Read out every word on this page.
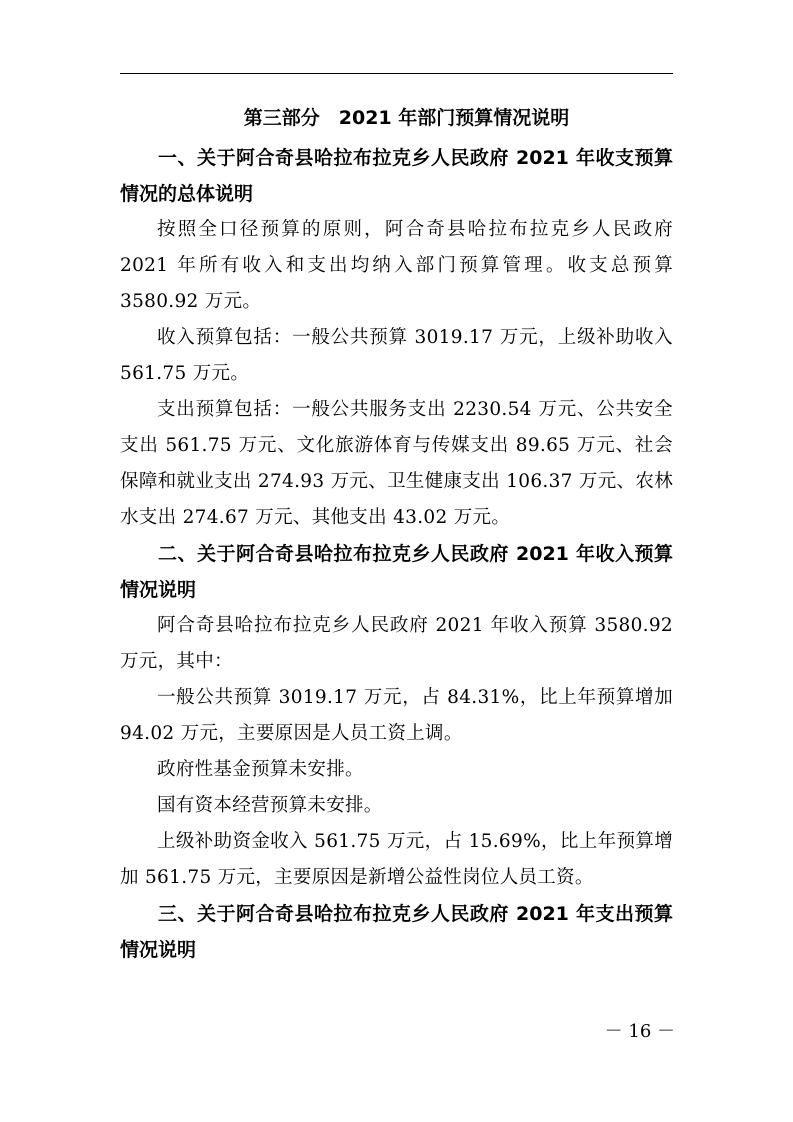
第三部分　2021 年部门预算情况说明

一、关于阿合奇县哈拉布拉克乡人民政府 2021 年收支预算情况的总体说明

按照全口径预算的原则，阿合奇县哈拉布拉克乡人民政府 2021 年所有收入和支出均纳入部门预算管理。收支总预算 3580.92 万元。

收入预算包括：一般公共预算 3019.17 万元，上级补助收入 561.75 万元。

支出预算包括：一般公共服务支出 2230.54 万元、公共安全支出 561.75 万元、文化旅游体育与传媒支出 89.65 万元、社会保障和就业支出 274.93 万元、卫生健康支出 106.37 万元、农林水支出 274.67 万元、其他支出 43.02 万元。

二、关于阿合奇县哈拉布拉克乡人民政府 2021 年收入预算情况说明

阿合奇县哈拉布拉克乡人民政府 2021 年收入预算 3580.92 万元，其中：

一般公共预算 3019.17 万元，占 84.31%，比上年预算增加 94.02 万元，主要原因是人员工资上调。

政府性基金预算未安排。

国有资本经营预算未安排。

上级补助资金收入 561.75 万元，占 15.69%，比上年预算增加 561.75 万元，主要原因是新增公益性岗位人员工资。

三、关于阿合奇县哈拉布拉克乡人民政府 2021 年支出预算情况说明

－ 16 －
